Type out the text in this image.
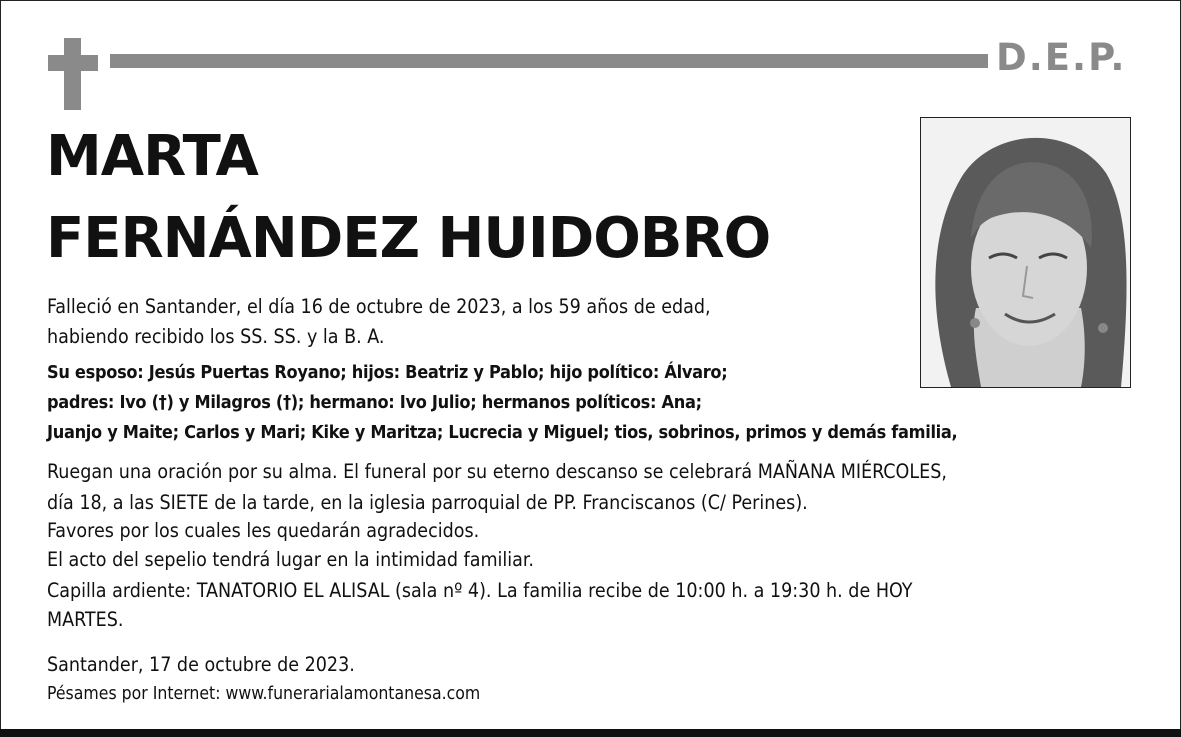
D.E.P.
MARTA
FERNÁNDEZ HUIDOBRO
Falleció en Santander, el día 16 de octubre de 2023, a los 59 años de edad,
habiendo recibido los SS. SS. y la B. A.
Su esposo: Jesús Puertas Royano; hijos: Beatriz y Pablo; hijo político: Álvaro;
padres: Ivo (†) y Milagros (†); hermano: Ivo Julio; hermanos políticos: Ana;
Juanjo y Maite; Carlos y Mari; Kike y Maritza; Lucrecia y Miguel; tios, sobrinos, primos y demás familia,
Ruegan una oración por su alma. El funeral por su eterno descanso se celebrará MAÑANA MIÉRCOLES,
día 18, a las SIETE de la tarde, en la iglesia parroquial de PP. Franciscanos (C/ Perines).
Favores por los cuales les quedarán agradecidos.
El acto del sepelio tendrá lugar en la intimidad familiar.
Capilla ardiente: TANATORIO EL ALISAL (sala nº 4). La familia recibe de 10:00 h. a 19:30 h. de HOY
MARTES.
Santander, 17 de octubre de 2023.
Pésames por Internet: www.funerarialamontanesa.com
